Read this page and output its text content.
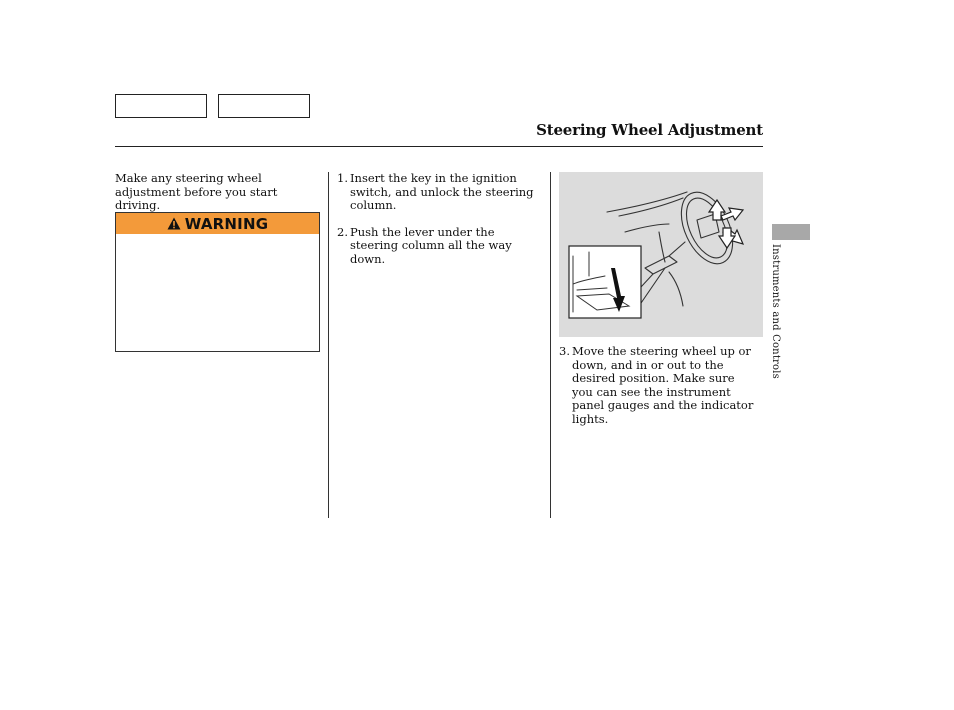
Steering Wheel Adjustment
Make any steering wheel adjustment before you start driving.
WARNING
1. Insert the key in the ignition switch, and unlock the steering column.
2. Push the lever under the steering column all the way down.
3. Move the steering wheel up or down, and in or out to the desired position. Make sure you can see the instrument panel gauges and the indicator lights.
Instruments and Controls
